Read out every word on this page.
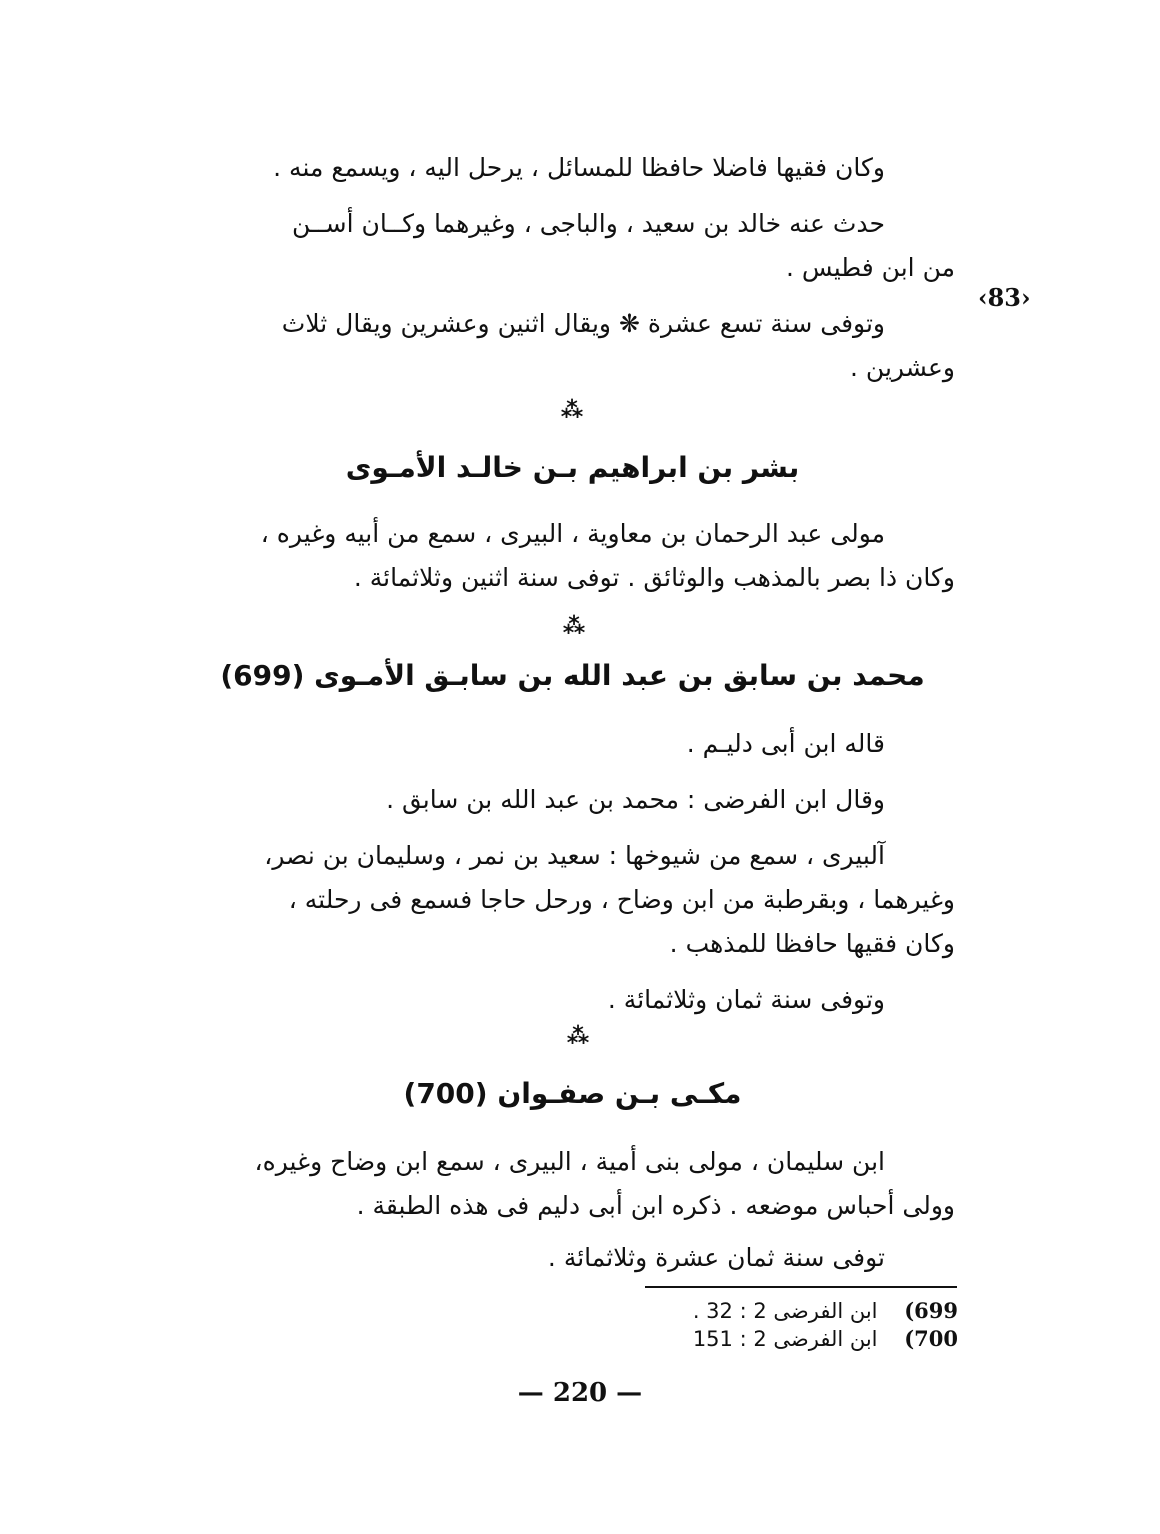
‹83›

وكان فقيها فاضلا حافظا للمسائل ، يرحل اليه ، ويسمع منه .

حدث عنه خالد بن سعيد ، والباجى ، وغيرهما وكــان أســن

من ابن فطيس .

وتوفى سنة تسع عشرة ❋ ويقال اثنين وعشرين ويقال ثلاث

وعشرين .

⁂
بشر بن ابراهيم بـن خالـد الأمـوى

مولى عبد الرحمان بن معاوية ، البيرى ، سمع من أبيه وغيره ،

وكان ذا بصر بالمذهب والوثائق . توفى سنة اثنين وثلاثمائة .

⁂
محمد بن سابق بن عبد الله بن سابـق الأمـوى (699)

قاله ابن أبى دليـم .

وقال ابن الفرضى : محمد بن عبد الله بن سابق .

آلبيرى ، سمع من شيوخها : سعيد بن نمر ، وسليمان بن نصر،

وغيرهما ، وبقرطبة من ابن وضاح ، ورحل حاجا فسمع فى رحلته ،

وكان فقيها حافظا للمذهب .

وتوفى سنة ثمان وثلاثمائة .

⁂
مكـى بـن صفـوان (700)

ابن سليمان ، مولى بنى أمية ، البيرى ، سمع ابن وضاح وغيره،

وولى أحباس موضعه . ذكره ابن أبى دليم فى هذه الطبقة .

توفى سنة ثمان عشرة وثلاثمائة .

699)    ابن الفرضى 2 : 32 .
700)    ابن الفرضى 2 : 151
— 220 —
